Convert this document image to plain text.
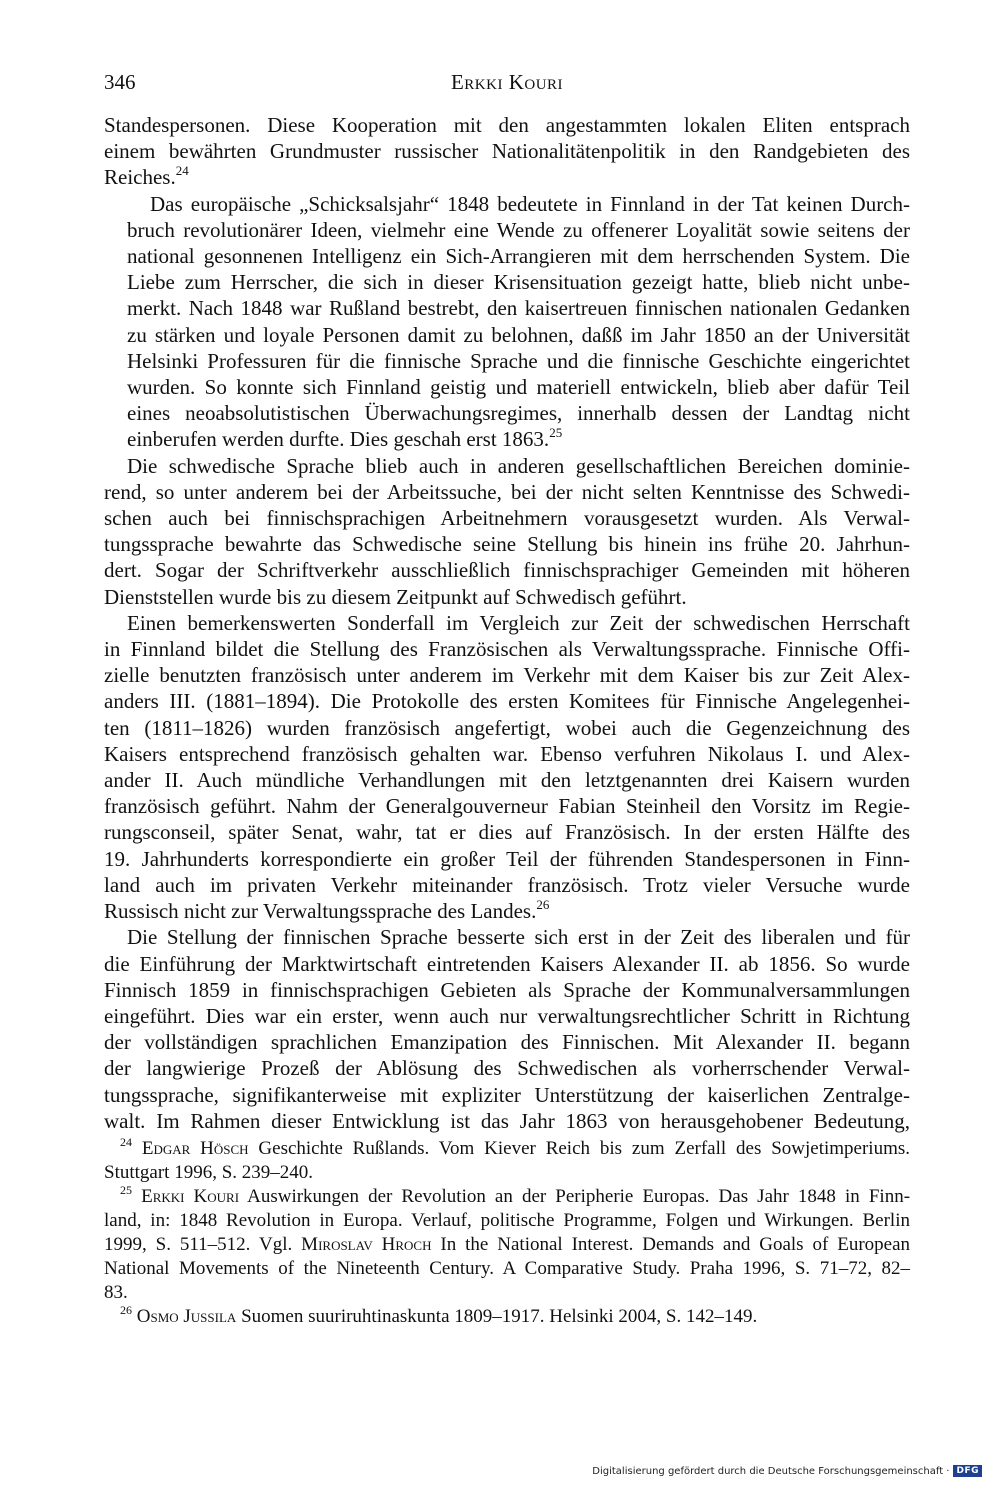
346	Erkki Kouri

Standespersonen. Diese Kooperation mit den angestammten lokalen Eliten entsprach
einem bewährten Grundmuster russischer Nationalitätenpolitik in den Randgebieten des
Reiches.$^{24}$

Das europäische „Schicksalsjahr“ 1848 bedeutete in Finnland in der Tat keinen Durch-
bruch revolutionärer Ideen, vielmehr eine Wende zu offenerer Loyalität sowie seitens der
national gesonnenen Intelligenz ein Sich-Arrangieren mit dem herrschenden System. Die
Liebe zum Herrscher, die sich in dieser Krisensituation gezeigt hatte, blieb nicht unbe-
merkt. Nach 1848 war Rußland bestrebt, den kaisertreuen finnischen nationalen Gedanken
zu stärken und loyale Personen damit zu belohnen, daßß im Jahr 1850 an der Universität
Helsinki Professuren für die finnische Sprache und die finnische Geschichte eingerichtet
wurden. So konnte sich Finnland geistig und materiell entwickeln, blieb aber dafür Teil
eines neoabsolutistischen Überwachungsregimes, innerhalb dessen der Landtag nicht
einberufen werden durfte. Dies geschah erst 1863.25

Die schwedische Sprache blieb auch in anderen gesellschaftlichen Bereichen dominie-
rend, so unter anderem bei der Arbeitssuche, bei der nicht selten Kenntnisse des Schwedi-
schen auch bei finnischsprachigen Arbeitnehmern vorausgesetzt wurden. Als Verwal-
tungssprache bewahrte das Schwedische seine Stellung bis hinein ins frühe 20. Jahrhun-
dert. Sogar der Schriftverkehr ausschließlich finnischsprachiger Gemeinden mit höheren
Dienststellen wurde bis zu diesem Zeitpunkt auf Schwedisch geführt.

Einen bemerkenswerten Sonderfall im Vergleich zur Zeit der schwedischen Herrschaft
in Finnland bildet die Stellung des Französischen als Verwaltungssprache. Finnische Offi-
zielle benutzten französisch unter anderem im Verkehr mit dem Kaiser bis zur Zeit Alex-
anders III. (1881–1894). Die Protokolle des ersten Komitees für Finnische Angelegenhei-
ten (1811–1826) wurden französisch angefertigt, wobei auch die Gegenzeichnung des
Kaisers entsprechend französisch gehalten war. Ebenso verfuhren Nikolaus I. und Alex-
ander II. Auch mündliche Verhandlungen mit den letztgenannten drei Kaisern wurden
französisch geführt. Nahm der Generalgouverneur Fabian Steinheil den Vorsitz im Regie-
rungsconseil, später Senat, wahr, tat er dies auf Französisch. In der ersten Hälfte des
19. Jahrhunderts korrespondierte ein großer Teil der führenden Standespersonen in Finn-
land auch im privaten Verkehr miteinander französisch. Trotz vieler Versuche wurde
Russisch nicht zur Verwaltungssprache des Landes.$^{26}$

Die Stellung der finnischen Sprache besserte sich erst in der Zeit des liberalen und für
die Einführung der Marktwirtschaft eintretenden Kaisers Alexander II. ab 1856. So wurde
Finnisch 1859 in finnischsprachigen Gebieten als Sprache der Kommunalversammlungen
eingeführt. Dies war ein erster, wenn auch nur verwaltungsrechtlicher Schritt in Richtung
der vollständigen sprachlichen Emanzipation des Finnischen. Mit Alexander II. begann
der langwierige Prozeß der Ablösung des Schwedischen als vorherrschender Verwal-
tungssprache, signifikanterweise mit expliziter Unterstützung der kaiserlichen Zentralge-
walt. Im Rahmen dieser Entwicklung ist das Jahr 1863 von herausgehobener Bedeutung,

$^{24}$ Edgar Hösch Geschichte Rußlands. Vom Kiever Reich bis zum Zerfall des Sowjetimperiums.
Stuttgart 1996, S. 239–240.
$^{25}$ Erkki Kouri Auswirkungen der Revolution an der Peripherie Europas. Das Jahr 1848 in Finn-
land, in: 1848 Revolution in Europa. Verlauf, politische Programme, Folgen und Wirkungen. Berlin
1999, S. 511–512. Vgl. Miroslav Hroch In the National Interest. Demands and Goals of European
National Movements of the Nineteenth Century. A Comparative Study. Praha 1996, S. 71–72, 82–
83.
$^{26}$ Osmo Jussila Suomen suuriruhtinaskunta 1809–1917. Helsinki 2004, S. 142–149.
Digitalisierung gefördert durch die Deutsche Forschungsgemeinschaft · DFG
